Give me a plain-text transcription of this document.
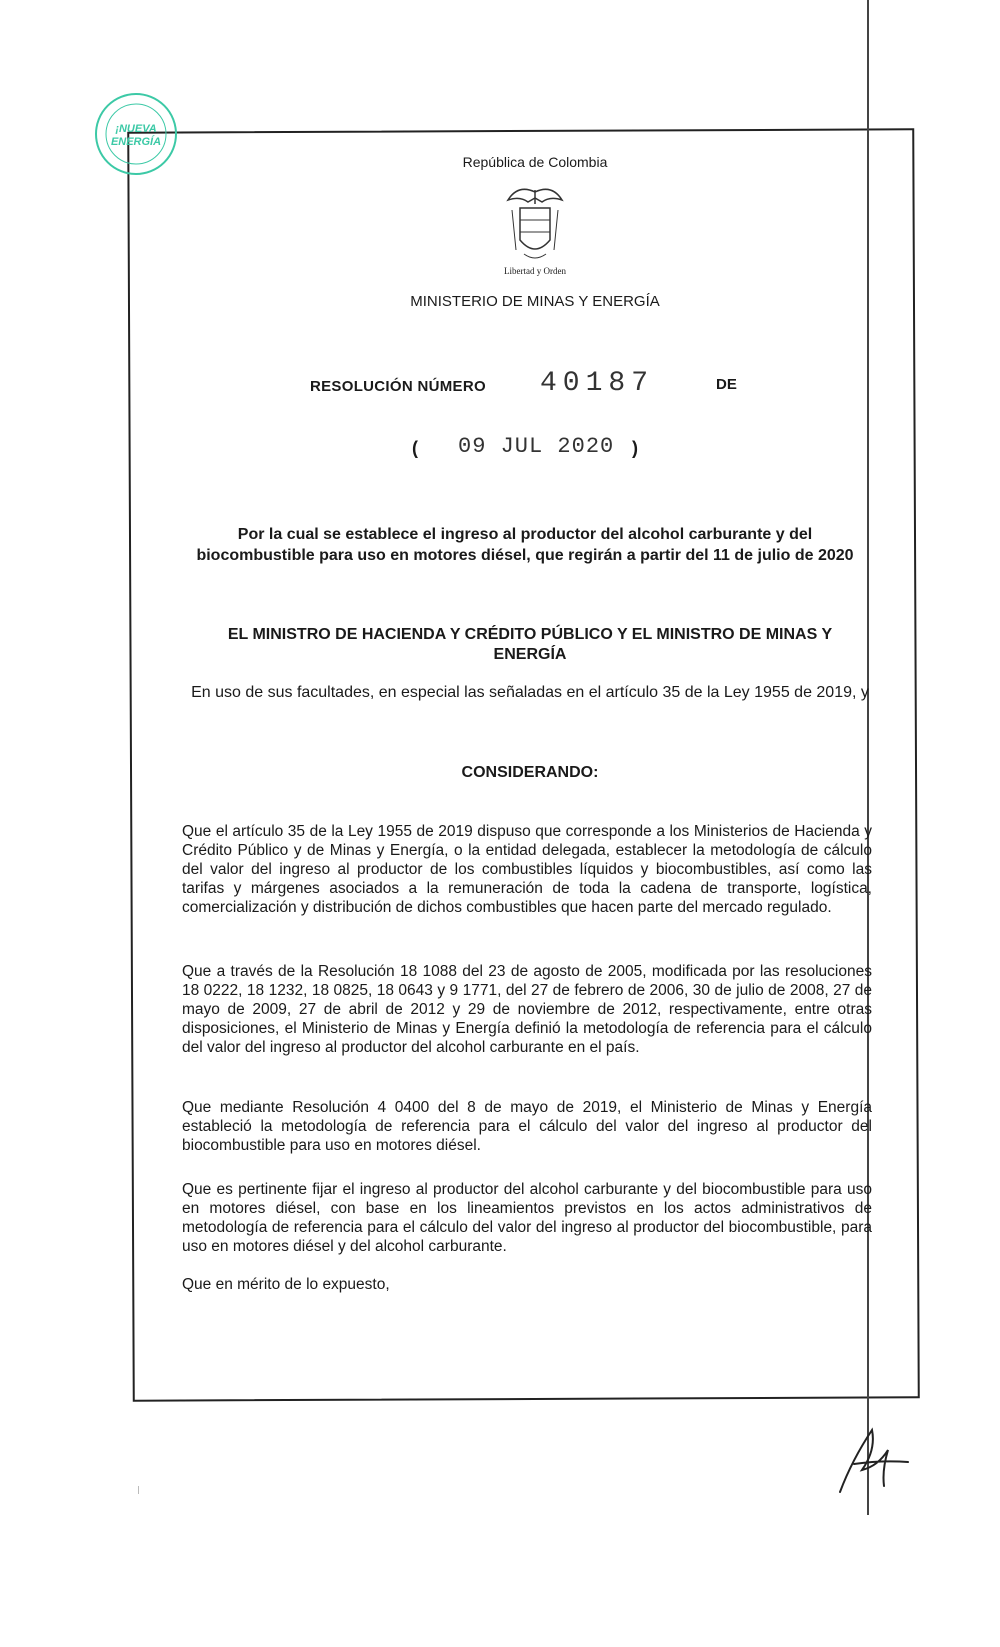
¡NUEVA
ENERGÍA
República de Colombia
Libertad y Orden
MINISTERIO DE MINAS Y ENERGÍA
RESOLUCIÓN NÚMERO 40187	DE
( 09 JUL 2020 )
Por la cual se establece el ingreso al productor del alcohol carburante y del biocombustible para uso en motores diésel, que regirán a partir del 11 de julio de 2020
EL MINISTRO DE HACIENDA Y CRÉDITO PÚBLICO Y EL MINISTRO DE MINAS Y ENERGÍA
En uso de sus facultades, en especial las señaladas en el artículo 35 de la Ley 1955 de 2019, y
CONSIDERANDO:
Que el artículo 35 de la Ley 1955 de 2019 dispuso que corresponde a los Ministerios de Hacienda y Crédito Público y de Minas y Energía, o la entidad delegada, establecer la metodología de cálculo del valor del ingreso al productor de los combustibles líquidos y biocombustibles, así como las tarifas y márgenes asociados a la remuneración de toda la cadena de transporte, logística, comercialización y distribución de dichos combustibles que hacen parte del mercado regulado.
Que a través de la Resolución 18 1088 del 23 de agosto de 2005, modificada por las resoluciones 18 0222, 18 1232, 18 0825, 18 0643 y 9 1771, del 27 de febrero de 2006, 30 de julio de 2008, 27 de mayo de 2009, 27 de abril de 2012 y 29 de noviembre de 2012, respectivamente, entre otras disposiciones, el Ministerio de Minas y Energía definió la metodología de referencia para el cálculo del valor del ingreso al productor del alcohol carburante en el país.
Que mediante Resolución 4 0400 del 8 de mayo de 2019, el Ministerio de Minas y Energía estableció la metodología de referencia para el cálculo del valor del ingreso al productor del biocombustible para uso en motores diésel.
Que es pertinente fijar el ingreso al productor del alcohol carburante y del biocombustible para uso en motores diésel, con base en los lineamientos previstos en los actos administrativos de metodología de referencia para el cálculo del valor del ingreso al productor del biocombustible, para uso en motores diésel y del alcohol carburante.
Que en mérito de lo expuesto,
